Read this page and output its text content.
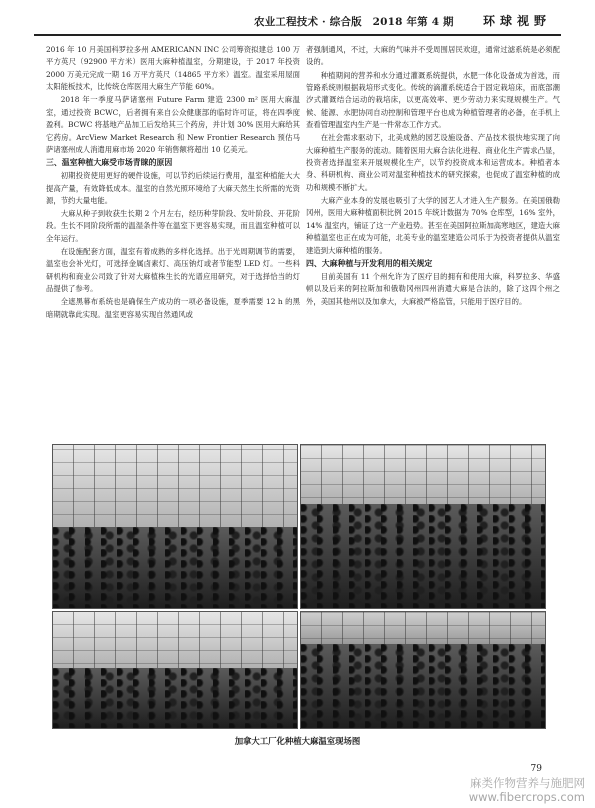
农业工程技术 · 综合版　2018 年第 4 期 环球视野

2016 年 10 月美国科罗拉多州 AMERICANN INC 公司筹资拟建总 100 万平方英尺（92900 平方米）医用大麻种植温室，分期建设，于 2017 年投资 2000 万美元完成一期 16 万平方英尺（14865 平方米）温室。温室采用屋面太阳能板技术，比传统仓库医用大麻生产节能 60%。

2018 年一季度马萨诸塞州 Future Farm 建造 2300 m² 医用大麻温室，通过投资 BCWC，后者拥有来自公众健康部的临时许可证，将在四季度盈利。BCWC 将基地产品加工后发给其三个药房，并计划 30% 医用大麻给其它药房。ArcView Market Research 和 New Frontier Research 预估马萨诸塞州成人消遣用麻市场 2020 年销售额将超出 10 亿美元。

三、温室种植大麻受市场青睐的原因

初期投资使用更好的硬件设施，可以节约后续运行费用，温室种植能大大提高产量，有效降低成本。温室的自然光照环境给了大麻天然生长所需的光资源，节约大量电能。

大麻从种子到收获生长期 2 个月左右，经历种芽阶段、发叶阶段、开花阶段。生长不同阶段所需的温湿条件等在温室下更容易实现，而且温室种植可以全年运行。

在设施配套方面，温室有着成熟的多样化选择。出于光周期调节的需要，温室也会补光灯，可选择金属卤素灯、高压钠灯或者节能型 LED 灯。一些科研机构和商业公司致了针对大麻植株生长的光谱应用研究，对于选择恰当的灯品提供了参考。

全遮黑幕布系统也是确保生产成功的一项必备设施，夏季需要 12 h 的黑暗期就靠此实现。温室更容易实现自然通风或

者强制通风，不过，大麻的气味并不受周围居民欢迎，通常过滤系统是必须配设的。

种植期间的营养和水分通过灌溉系统提供，水肥一体化设备成为首选，而管路系统则根据栽培形式变化。传统的滴灌系统适合于固定栽培床，而底部潮汐式灌溉结合运动的栽培床，以更高效率、更少劳动力来实现规模生产。气候、能源、水肥协同自动控制和管理平台也成为种植管理者的必备，在手机上查看管理温室内生产是一件常态工作方式。

在社会需求驱动下，北美成熟的园艺设施设备、产品技术很快地实现了向大麻种植生产服务的流动。随着医用大麻合法化进程、商业化生产需求凸显，投资者选择温室来开展规模化生产，以节约投资成本和运营成本。种植者本身、科研机构、商业公司对温室种植技术的研究探索，也促成了温室种植的成功和规模不断扩大。

大麻产业本身的发展也吸引了大学的园艺人才进入生产服务。在美国俄勒冈州，医用大麻种植面积比例 2015 年统计数据为 70% 仓库型，16% 室外，14% 温室内，铺证了这一产业趋势。甚至在美国阿拉斯加高寒地区，建造大麻种植温室也正在成为可能，北美专业的温室建造公司乐于为投资者提供从温室建造到大麻种植的服务。

四、大麻种植与开发利用的相关规定

目前美国有 11 个州允许为了医疗目的拥有和使用大麻，科罗拉多、华盛顿以及后来的阿拉斯加和俄勒冈州四州消遣大麻是合法的，除了这四个州之外，美国其他州以及加拿大，大麻被严格监管，只能用于医疗目的。

加拿大工厂化种植大麻温室现场图
79
麻类作物营养与施肥网
www.fibercrops.com
